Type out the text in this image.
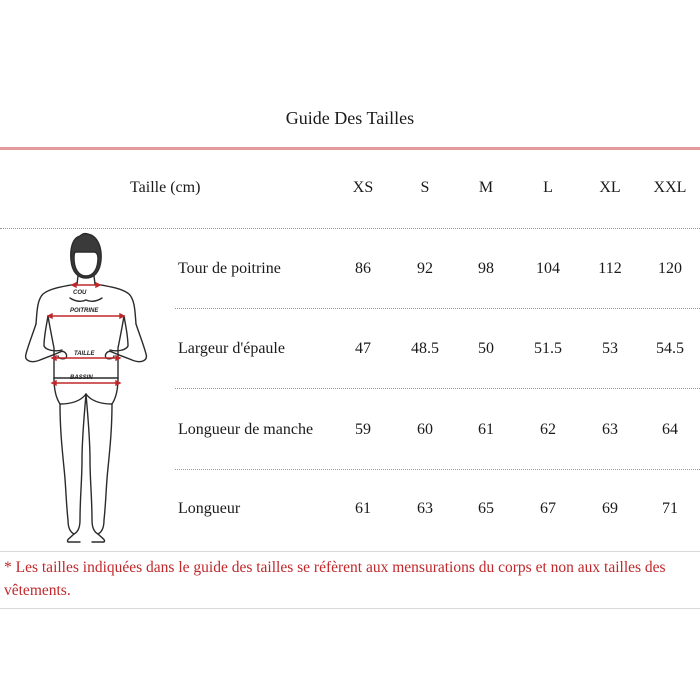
Guide Des Tailles
Taille (cm)	XS	S	M	L	XL	XXL
Tour de poitrine	86	92	98	104	112	120
Largeur d'épaule	47	48.5	50	51.5	53	54.5
Longueur de manche	59	60	61	62	63	64
Longueur	61	63	65	67	69	71
COU
POITRINE
TAILLE
BASSIN
* Les tailles indiquées dans le guide des tailles se réfèrent aux mensurations du corps et non aux tailles des vêtements.
